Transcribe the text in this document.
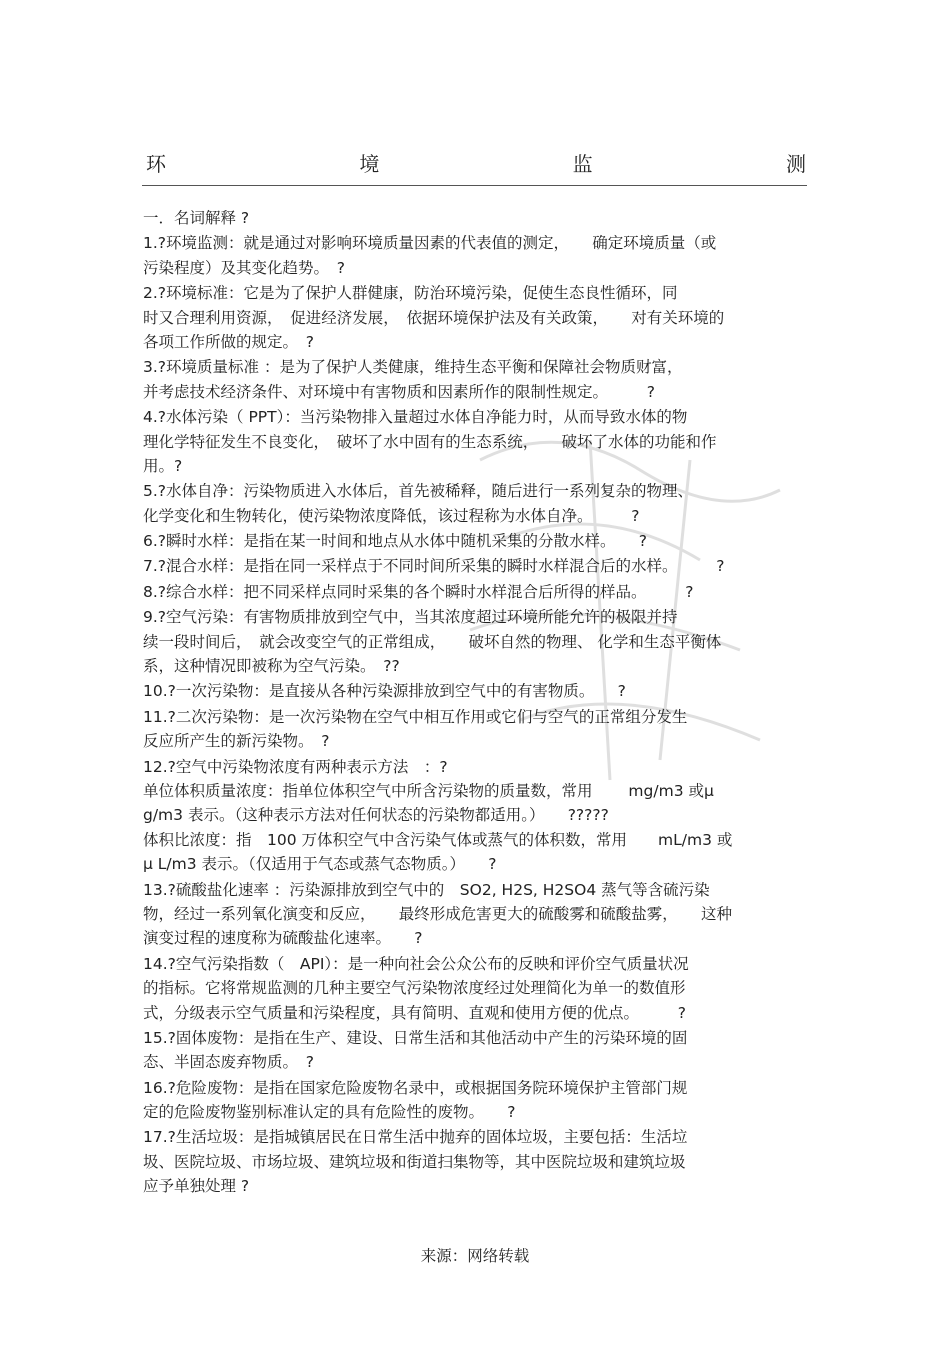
环	境	监	测
一．名词解释 ?
1.?环境监测：就是通过对影响环境质量因素的代表值的测定，　　确定环境质量（或
污染程度）及其变化趋势。　?
2.?环境标准：它是为了保护人群健康，防治环境污染，促使生态良性循环，同
时又合理利用资源，　促进经济发展，　依据环境保护法及有关政策，　　对有关环境的
各项工作所做的规定。　?
3.?环境质量标准 ：是为了保护人类健康，维持生态平衡和保障社会物质财富，
并考虑技术经济条件、对环境中有害物质和因素所作的限制性规定。　　　?
4.?水体污染（ PPT）：当污染物排入量超过水体自净能力时，从而导致水体的物
理化学特征发生不良变化，　破坏了水中固有的生态系统，　　破坏了水体的功能和作
用。?
5.?水体自净：污染物质进入水体后，首先被稀释，随后进行一系列复杂的物理、
化学变化和生物转化，使污染物浓度降低，该过程称为水体自净。　　　?
6.?瞬时水样：是指在某一时间和地点从水体中随机采集的分散水样。　　?
7.?混合水样：是指在同一采样点于不同时间所采集的瞬时水样混合后的水样。　　　?
8.?综合水样：把不同采样点同时采集的各个瞬时水样混合后所得的样品。　　　?
9.?空气污染：有害物质排放到空气中，当其浓度超过环境所能允许的极限并持
续一段时间后，　就会改变空气的正常组成，　　破坏自然的物理、 化学和生态平衡体
系，这种情况即被称为空气污染。　??
10.?一次污染物：是直接从各种污染源排放到空气中的有害物质。　　?
11.?二次污染物：是一次污染物在空气中相互作用或它们与空气的正常组分发生
反应所产生的新污染物。　?
12.?空气中污染物浓度有两种表示方法　：?
单位体积质量浓度：指单位体积空气中所含污染物的质量数，常用　　 mg/m3 或μ
g/m3 表示。（这种表示方法对任何状态的污染物都适用。）　　?????
体积比浓度：指　100 万体积空气中含污染气体或蒸气的体积数，常用　　mL/m3 或
μ L/m3 表示。（仅适用于气态或蒸气态物质。）　　?
13.?硫酸盐化速率 ：污染源排放到空气中的　SO2, H2S, H2SO4 蒸气等含硫污染
物，经过一系列氧化演变和反应，　　最终形成危害更大的硫酸雾和硫酸盐雾，　　这种
演变过程的速度称为硫酸盐化速率。　　?
14.?空气污染指数（　API）：是一种向社会公众公布的反映和评价空气质量状况
的指标。它将常规监测的几种主要空气污染物浓度经过处理简化为单一的数值形
式，分级表示空气质量和污染程度，具有简明、直观和使用方便的优点。　　　?
15.?固体废物：是指在生产、建设、日常生活和其他活动中产生的污染环境的固
态、半固态废弃物质。　?
16.?危险废物：是指在国家危险废物名录中，或根据国务院环境保护主管部门规
定的危险废物鉴别标准认定的具有危险性的废物。　　?
17.?生活垃圾：是指城镇居民在日常生活中抛弃的固体垃圾，主要包括：生活垃
圾、医院垃圾、市场垃圾、建筑垃圾和街道扫集物等，其中医院垃圾和建筑垃圾
应予单独处理 ?
来源：网络转载
